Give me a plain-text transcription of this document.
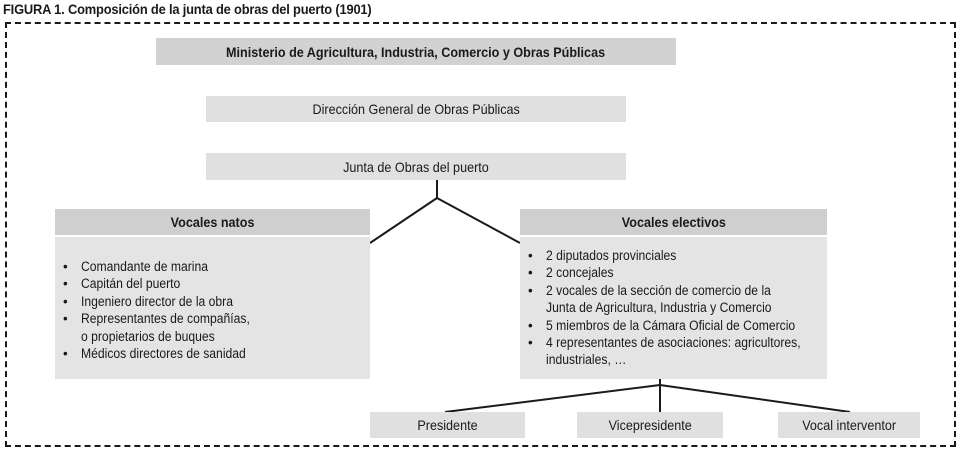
FIGURA 1. Composición de la junta de obras del puerto (1901)
Ministerio de Agricultura, Industria, Comercio y Obras Públicas
Dirección General de Obras Públicas
Junta de Obras del puerto
Vocales natos
• Comandante de marina
• Capitán del puerto
• Ingeniero director de la obra
• Representantes de compañías,
o propietarios de buques
• Médicos directores de sanidad
Vocales electivos
• 2 diputados provinciales
• 2 concejales
• 2 vocales de la sección de comercio de la
Junta de Agricultura, Industria y Comercio
• 5 miembros de la Cámara Oficial de Comercio
• 4 representantes de asociaciones: agricultores,
industriales, …
Presidente	Vicepresidente	Vocal interventor
